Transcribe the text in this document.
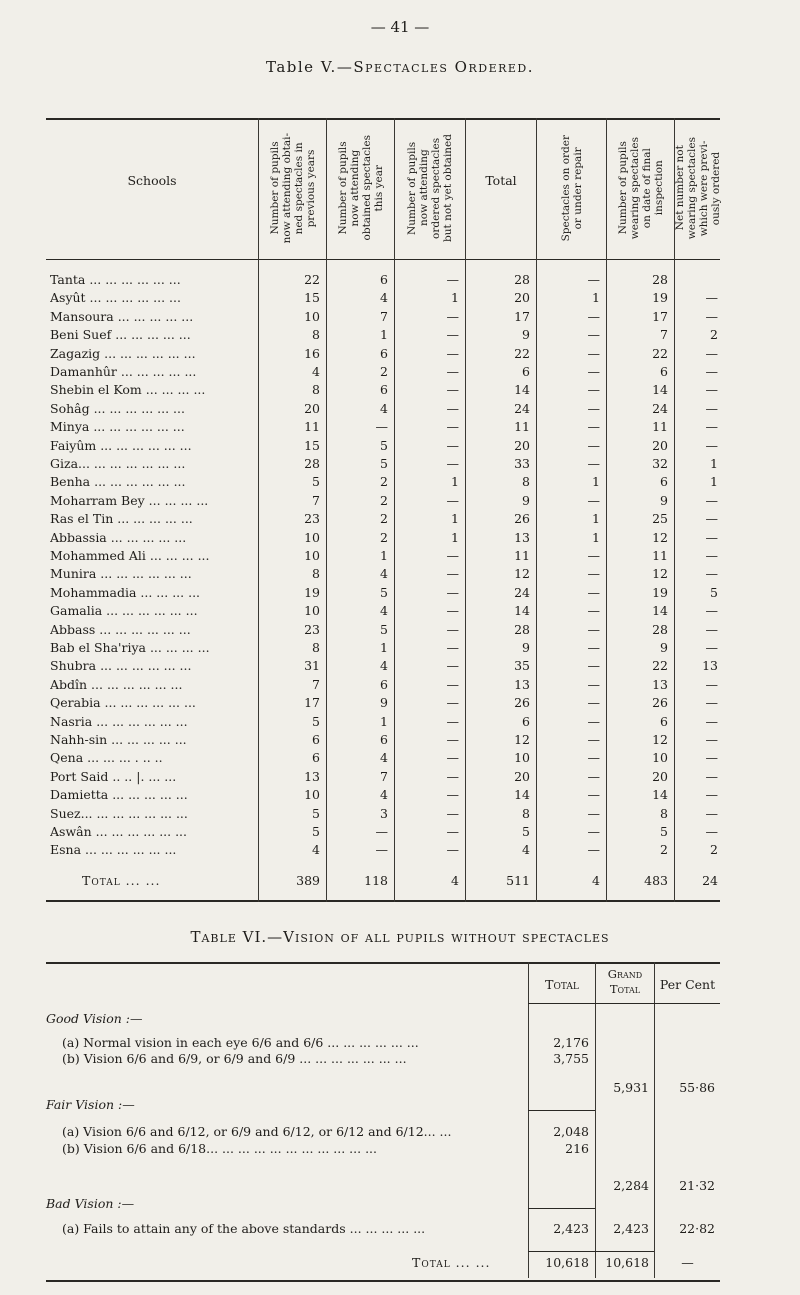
— 41 —
Table V.—Spectacles Ordered.
Schools
Number of pupils
now attending obtai-
ned spectacles in
previous years
Number of pupils
now attending
obtained spectacles
this year
Number of pupils
now attending
ordered spectacles
but not yet obtained	Total
Spectacles on order
or under repair
Number of pupils
wearing spectacles
on date of final
inspection
Net number not
wearing spectacles
which were previ-
ously ordered
Tanta ... ... ... ... ... ...	22	6	—	28	—	28
Asyût ... ... ... ... ... ...	15	4	1	20	1	19	—
Mansoura ... ... ... ... ...	10	7	—	17	—	17	—
Beni Suef ... ... ... ... ...	8	1	—	9	—	7	2
Zagazig ... ... ... ... ... ...	16	6	—	22	—	22	—
Damanhûr ... ... ... ... ...	4	2	—	6	—	6	—
Shebin el Kom ... ... ... ...	8	6	—	14	—	14	—
Sohâg ... ... ... ... ... ...	20	4	—	24	—	24	—
Minya ... ... ... ... ... ...	11	—	—	11	—	11	—
Faiyûm ... ... ... ... ... ...	15	5	—	20	—	20	—
Giza... ... ... ... ... ... ...	28	5	—	33	—	32	1
Benha ... ... ... ... ... ...	5	2	1	8	1	6	1
Moharram Bey ... ... ... ...	7	2	—	9	—	9	—
Ras el Tin ... ... ... ... ...	23	2	1	26	1	25	—
Abbassia ... ... ... ... ...	10	2	1	13	1	12	—
Mohammed Ali ... ... ... ...	10	1	—	11	—	11	—
Munira ... ... ... ... ... ...	8	4	—	12	—	12	—
Mohammadia ... ... ... ...	19	5	—	24	—	19	5
Gamalia ... ... ... ... ... ...	10	4	—	14	—	14	—
Abbass ... ... ... ... ... ...	23	5	—	28	—	28	—
Bab el Sha'riya ... ... ... ...	8	1	—	9	—	9	—
Shubra ... ... ... ... ... ...	31	4	—	35	—	22	13
Abdîn ... ... ... ... ... ...	7	6	—	13	—	13	—
Qerabia ... ... ... ... ... ...	17	9	—	26	—	26	—
Nasria ... ... ... ... ... ...	5	1	—	6	—	6	—
Nahh-sin ... ... ... ... ...	6	6	—	12	—	12	—
Qena ... ... ... . .. ..	6	4	—	10	—	10	—
Port Said .. .. |. ... ...	13	7	—	20	—	20	—
Damietta ... ... ... ... ...	10	4	—	14	—	14	—
Suez... ... ... ... ... ... ...	5	3	—	8	—	8	—
Aswân ... ... ... ... ... ...	5	—	—	5	—	5	—
Esna ... ... ... ... ... ...	4	—	—	4	—	2	2
Total ... ...	389	118	4	511	4	483	24
Table VI.—Vision of all pupils without spectacles
Total
Grand
Total	Per Cent
Good Vision :—
(a) Normal vision in each eye 6/6 and 6/6 ... ... ... ... ... ...	2,176
(b) Vision 6/6 and 6/9, or 6/9 and 6/9 ... ... ... ... ... ... ...	3,755
5,931	55·86
Fair Vision :—
(a) Vision 6/6 and 6/12, or 6/9 and 6/12, or 6/12 and 6/12... ...	2,048
(b) Vision 6/6 and 6/18... ... ... ... ... ... ... ... ... ... ...	216
2,284	21·32
Bad Vision :—
(a) Fails to attain any of the above standards ... ... ... ... ...	2,423	2,423	22·82
Total ... ...	10,618	10,618	—
